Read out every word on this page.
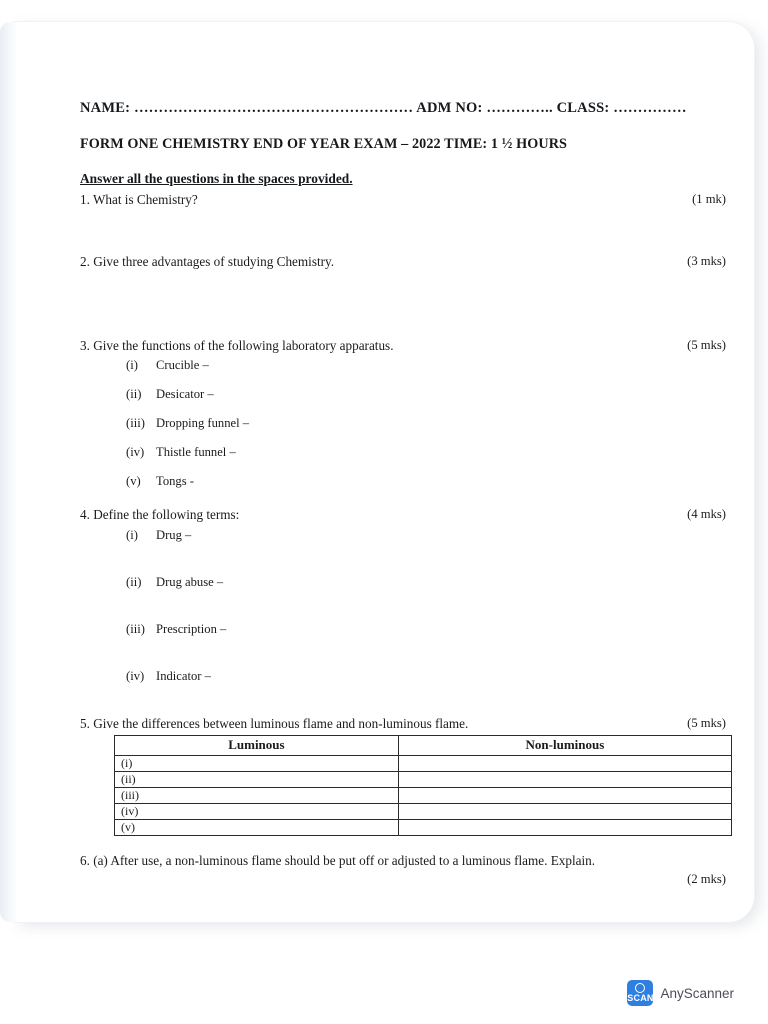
NAME: ………………………………………………… ADM NO: ………….. CLASS: ……………
FORM ONE CHEMISTRY END OF YEAR EXAM – 2022 TIME: 1 ½ HOURS
Answer all the questions in the spaces provided.
1. What is Chemistry?	(1 mk)
2. Give three advantages of studying Chemistry.	(3 mks)
3. Give the functions of the following laboratory apparatus.	(5 mks)
(i) Crucible –
(ii) Desicator –
(iii) Dropping funnel –
(iv) Thistle funnel –
(v) Tongs -
4. Define the following terms:	(4 mks)
(i) Drug –
(ii) Drug abuse –
(iii) Prescription –
(iv) Indicator –
5. Give the differences between luminous flame and non-luminous flame.	(5 mks)
Luminous	Non-luminous
(i)	
(ii)	
(iii)	
(iv)	
(v)	
6. (a) After use, a non-luminous flame should be put off or adjusted to a luminous flame. Explain.
(2 mks)
SCAN AnyScanner
